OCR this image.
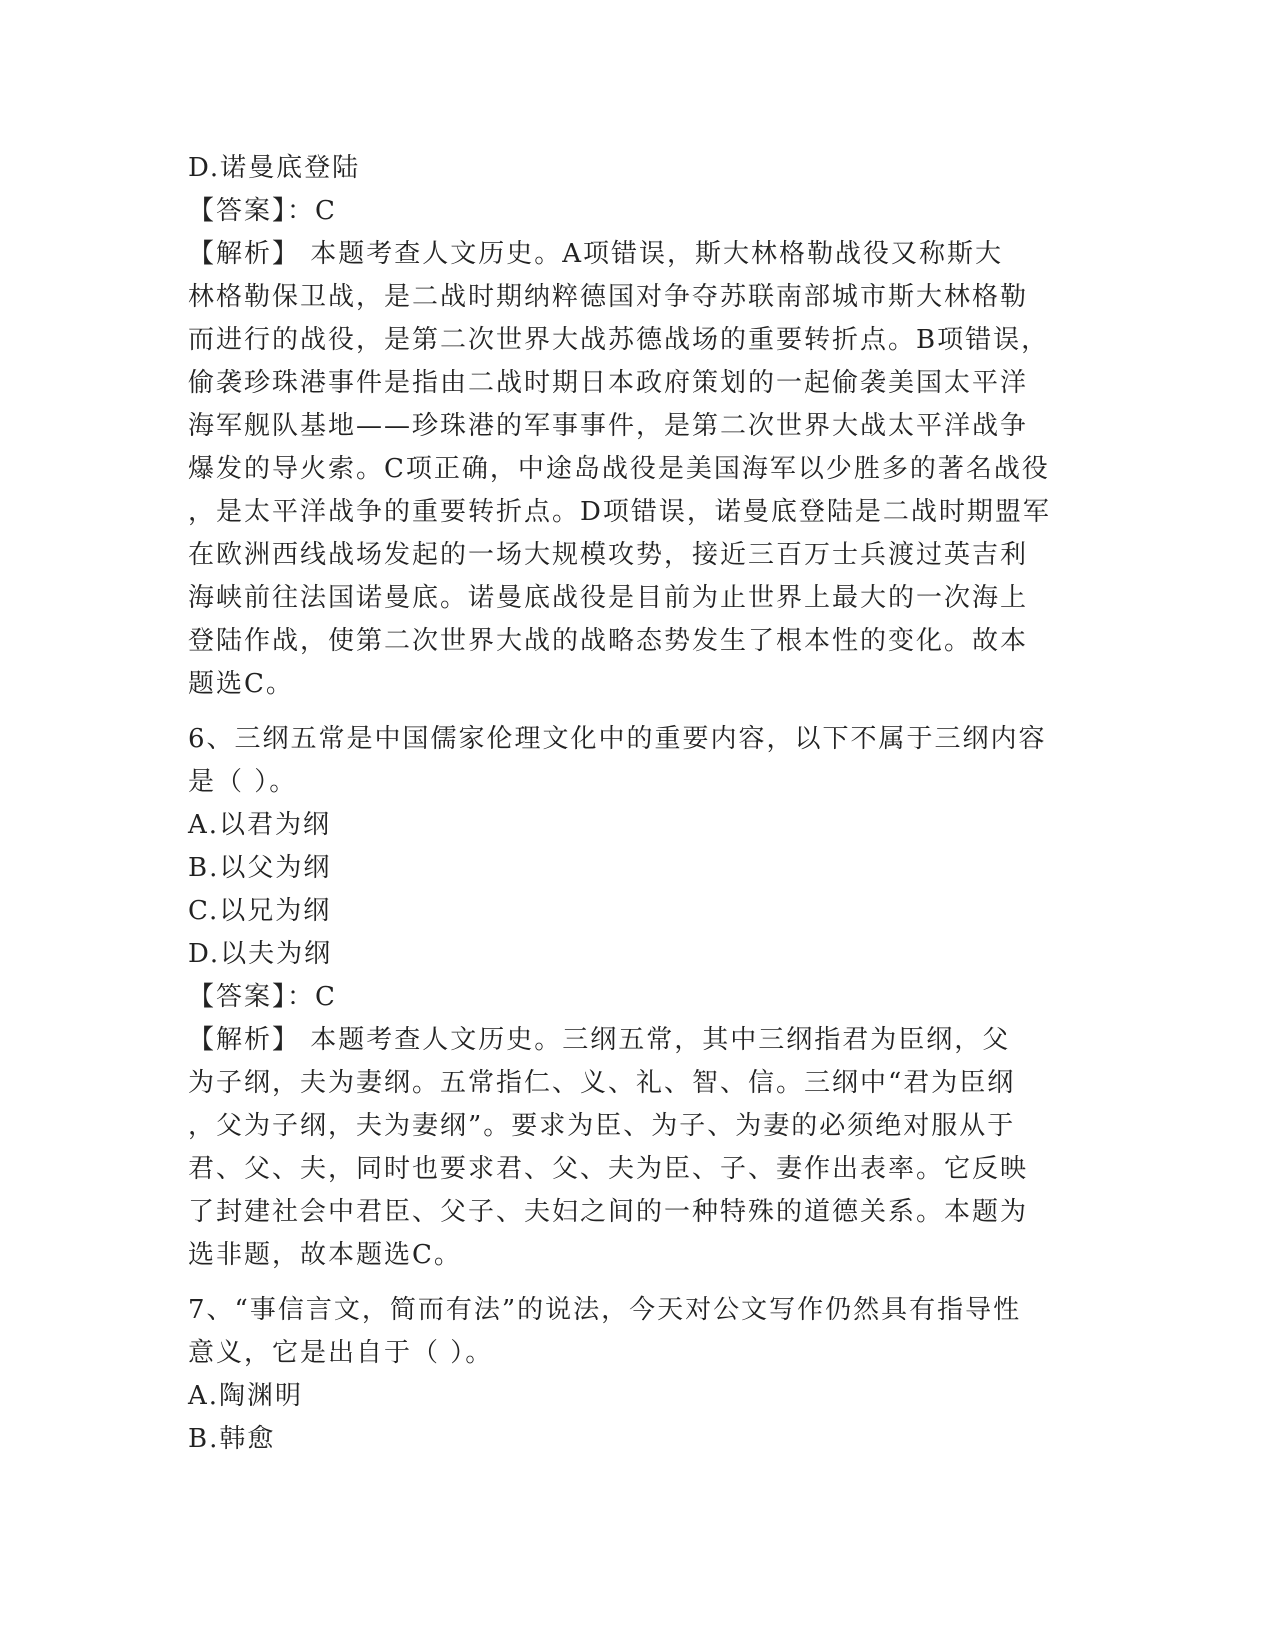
D.诺曼底登陆
【答案】：C
【解析】 本题考查人文历史。A项错误，斯大林格勒战役又称斯大
林格勒保卫战，是二战时期纳粹德国对争夺苏联南部城市斯大林格勒
而进行的战役，是第二次世界大战苏德战场的重要转折点。B项错误，
偷袭珍珠港事件是指由二战时期日本政府策划的一起偷袭美国太平洋
海军舰队基地——珍珠港的军事事件，是第二次世界大战太平洋战争
爆发的导火索。C项正确，中途岛战役是美国海军以少胜多的著名战役
，是太平洋战争的重要转折点。D项错误，诺曼底登陆是二战时期盟军
在欧洲西线战场发起的一场大规模攻势，接近三百万士兵渡过英吉利
海峡前往法国诺曼底。诺曼底战役是目前为止世界上最大的一次海上
登陆作战，使第二次世界大战的战略态势发生了根本性的变化。故本
题选C。
6、三纲五常是中国儒家伦理文化中的重要内容，以下不属于三纲内容
是（ ）。
A.以君为纲
B.以父为纲
C.以兄为纲
D.以夫为纲
【答案】：C
【解析】 本题考查人文历史。三纲五常，其中三纲指君为臣纲，父
为子纲，夫为妻纲。五常指仁、义、礼、智、信。三纲中“君为臣纲
，父为子纲，夫为妻纲”。要求为臣、为子、为妻的必须绝对服从于
君、父、夫，同时也要求君、父、夫为臣、子、妻作出表率。它反映
了封建社会中君臣、父子、夫妇之间的一种特殊的道德关系。本题为
选非题，故本题选C。
7、“事信言文，简而有法”的说法，今天对公文写作仍然具有指导性
意义，它是出自于（ ）。
A.陶渊明
B.韩愈
